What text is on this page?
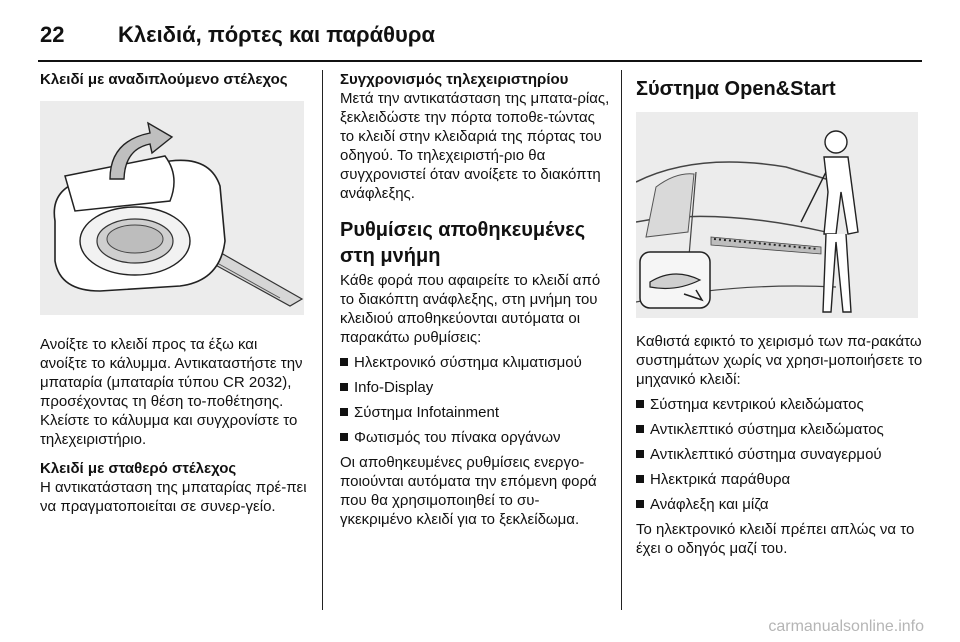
22 Κλειδιά, πόρτες και παράθυρα
Κλειδί με αναδιπλούμενο στέλεχος

Ανοίξτε το κλειδί προς τα έξω και ανοίξτε το κάλυμμα. Αντικαταστήστε την μπαταρία (μπαταρία τύπου CR 2032), προσέχοντας τη θέση το-ποθέτησης. Κλείστε το κάλυμμα και συγχρονίστε το τηλεχειριστήριο.

Κλειδί με σταθερό στέλεχος

Η αντικατάσταση της μπαταρίας πρέ-πει να πραγματοποιείται σε συνερ-γείο.

Συγχρονισμός τηλεχειριστηρίου

Μετά την αντικατάσταση της μπατα-ρίας, ξεκλειδώστε την πόρτα τοποθε-τώντας το κλειδί στην κλειδαριά της πόρτας του οδηγού. Το τηλεχειριστή-ριο θα συγχρονιστεί όταν ανοίξετε το διακόπτη ανάφλεξης.

Ρυθμίσεις αποθηκευμένες στη μνήμη

Κάθε φορά που αφαιρείτε το κλειδί από το διακόπτη ανάφλεξης, στη μνήμη του κλειδιού αποθηκεύονται αυτόματα οι παρακάτω ρυθμίσεις:

Ηλεκτρονικό σύστημα κλιματισμού
Info-Display
Σύστημα Infotainment
Φωτισμός του πίνακα οργάνων

Οι αποθηκευμένες ρυθμίσεις ενεργο-ποιούνται αυτόματα την επόμενη φορά που θα χρησιμοποιηθεί το συ-γκεκριμένο κλειδί για το ξεκλείδωμα.

Σύστημα Open&Start

Καθιστά εφικτό το χειρισμό των πα-ρακάτω συστημάτων χωρίς να χρησι-μοποιήσετε το μηχανικό κλειδί:

Σύστημα κεντρικού κλειδώματος
Αντικλεπτικό σύστημα κλειδώματος
Αντικλεπτικό σύστημα συναγερμού
Ηλεκτρικά παράθυρα
Ανάφλεξη και μίζα

Το ηλεκτρονικό κλειδί πρέπει απλώς να το έχει ο οδηγός μαζί του.

carmanualsonline.info
